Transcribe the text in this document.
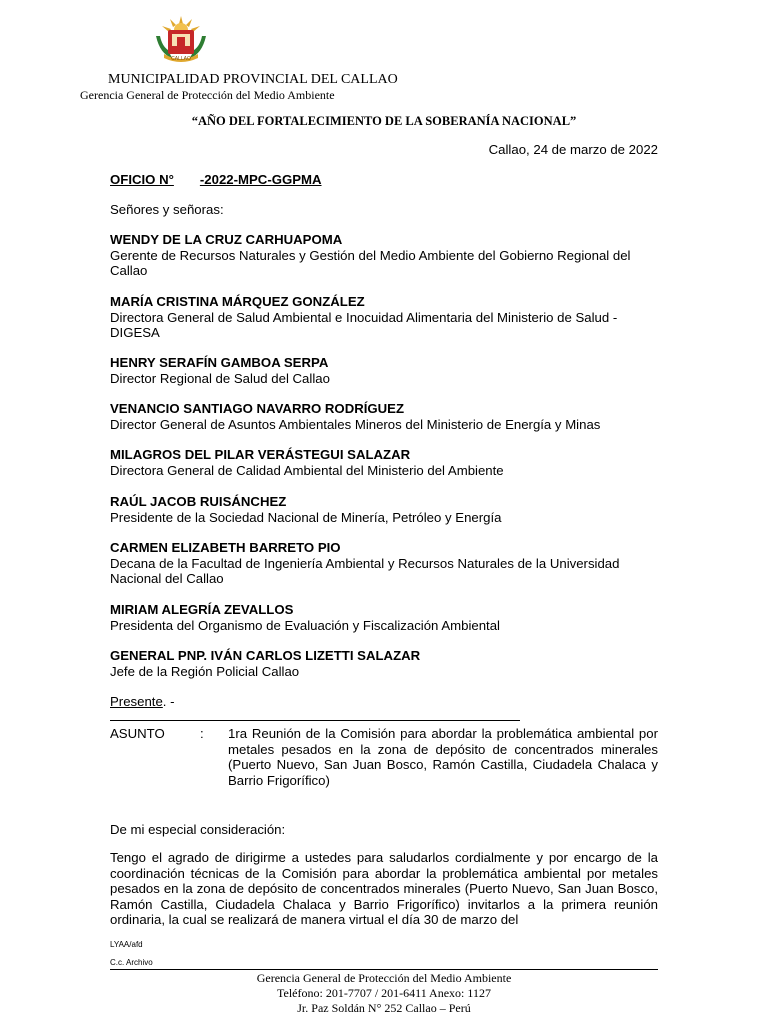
CALLAO
MUNICIPALIDAD PROVINCIAL DEL CALLAO
Gerencia General de Protección del Medio Ambiente
“AÑO DEL FORTALECIMIENTO DE LA SOBERANÍA NACIONAL”
Callao, 24 de marzo de 2022
OFICIO N° -2022-MPC-GGPMA
Señores y señoras:
WENDY DE LA CRUZ CARHUAPOMA
Gerente de Recursos Naturales y Gestión del Medio Ambiente del Gobierno Regional del Callao
MARÍA CRISTINA MÁRQUEZ GONZÁLEZ
Directora General de Salud Ambiental e Inocuidad Alimentaria del Ministerio de Salud - DIGESA
HENRY SERAFÍN GAMBOA SERPA
Director Regional de Salud del Callao
VENANCIO SANTIAGO NAVARRO RODRÍGUEZ
Director General de Asuntos Ambientales Mineros del Ministerio de Energía y Minas
MILAGROS DEL PILAR VERÁSTEGUI SALAZAR
Directora General de Calidad Ambiental del Ministerio del Ambiente
RAÚL JACOB RUISÁNCHEZ
Presidente de la Sociedad Nacional de Minería, Petróleo y Energía
CARMEN ELIZABETH BARRETO PIO
Decana de la Facultad de Ingeniería Ambiental y Recursos Naturales de la Universidad Nacional del Callao
MIRIAM ALEGRÍA ZEVALLOS
Presidenta del Organismo de Evaluación y Fiscalización Ambiental
GENERAL PNP. IVÁN CARLOS LIZETTI SALAZAR
Jefe de la Región Policial Callao
Presente. -
ASUNTO	: 1ra Reunión de la Comisión para abordar la problemática ambiental por metales pesados en la zona de depósito de concentrados minerales (Puerto Nuevo, San Juan Bosco, Ramón Castilla, Ciudadela Chalaca y Barrio Frigorífico)
De mi especial consideración:
Tengo el agrado de dirigirme a ustedes para saludarlos cordialmente y por encargo de la coordinación técnicas de la Comisión para abordar la problemática ambiental por metales pesados en la zona de depósito de concentrados minerales (Puerto Nuevo, San Juan Bosco, Ramón Castilla, Ciudadela Chalaca y Barrio Frigorífico) invitarlos a la primera reunión ordinaria, la cual se realizará de manera virtual el día 30 de marzo del
LYAA/afd
C.c. Archivo
Gerencia General de Protección del Medio Ambiente
Teléfono: 201-7707 / 201-6411 Anexo: 1127
Jr. Paz Soldán N° 252 Callao – Perú
